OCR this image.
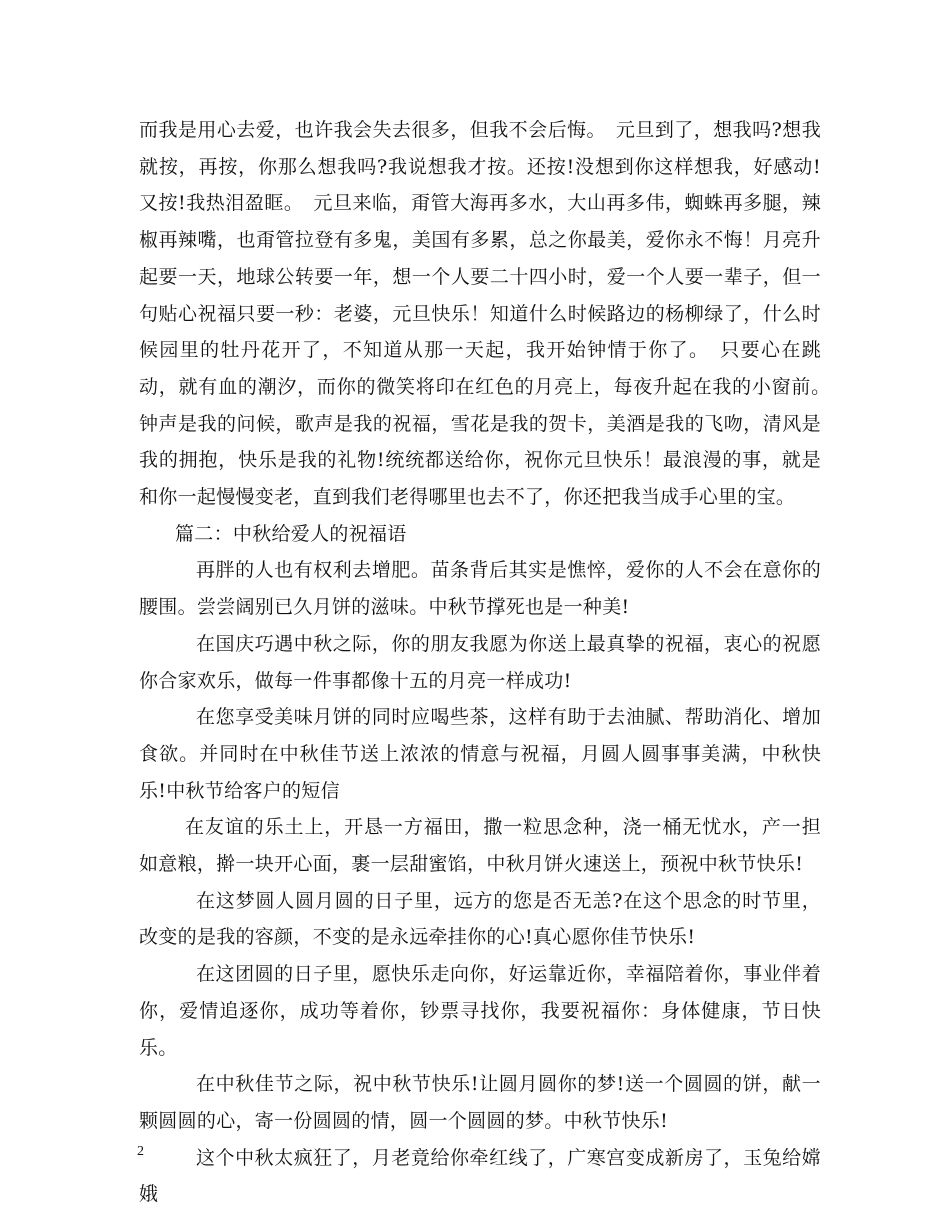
而我是用心去爱，也许我会失去很多，但我不会后悔。　元旦到了，想我吗?想我就按，再按，你那么想我吗?我说想我才按。还按!没想到你这样想我，好感动!又按!我热泪盈眶。　元旦来临，甭管大海再多水，大山再多伟，蜘蛛再多腿，辣椒再辣嘴，也甭管拉登有多鬼，美国有多累，总之你最美，爱你永不悔！月亮升起要一天，地球公转要一年，想一个人要二十四小时，爱一个人要一辈子，但一句贴心祝福只要一秒：老婆，元旦快乐！知道什么时候路边的杨柳绿了，什么时候园里的牡丹花开了，不知道从那一天起，我开始钟情于你了。　只要心在跳动，就有血的潮汐，而你的微笑将印在红色的月亮上，每夜升起在我的小窗前。　钟声是我的问候，歌声是我的祝福，雪花是我的贺卡，美酒是我的飞吻，清风是我的拥抱，快乐是我的礼物!统统都送给你，祝你元旦快乐！最浪漫的事，就是和你一起慢慢变老，直到我们老得哪里也去不了，你还把我当成手心里的宝。

篇二：中秋给爱人的祝福语

再胖的人也有权利去增肥。苗条背后其实是憔悴，爱你的人不会在意你的腰围。尝尝阔别已久月饼的滋味。中秋节撑死也是一种美!

在国庆巧遇中秋之际，你的朋友我愿为你送上最真挚的祝福，衷心的祝愿你合家欢乐，做每一件事都像十五的月亮一样成功!

在您享受美味月饼的同时应喝些茶，这样有助于去油腻、帮助消化、增加食欲。并同时在中秋佳节送上浓浓的情意与祝福，月圆人圆事事美满，中秋快乐!中秋节给客户的短信

在友谊的乐土上，开恳一方福田，撒一粒思念种，浇一桶无忧水，产一担如意粮，擀一块开心面，裹一层甜蜜馅，中秋月饼火速送上，预祝中秋节快乐!

在这梦圆人圆月圆的日子里，远方的您是否无恙?在这个思念的时节里，改变的是我的容颜，不变的是永远牵挂你的心!真心愿你佳节快乐!

在这团圆的日子里，愿快乐走向你，好运靠近你，幸福陪着你，事业伴着你，爱情追逐你，成功等着你，钞票寻找你，我要祝福你：身体健康，节日快乐。

在中秋佳节之际，祝中秋节快乐!让圆月圆你的梦!送一个圆圆的饼，献一颗圆圆的心，寄一份圆圆的情，圆一个圆圆的梦。中秋节快乐!

这个中秋太疯狂了，月老竟给你牵红线了，广寒宫变成新房了，玉兔给嫦娥

2
